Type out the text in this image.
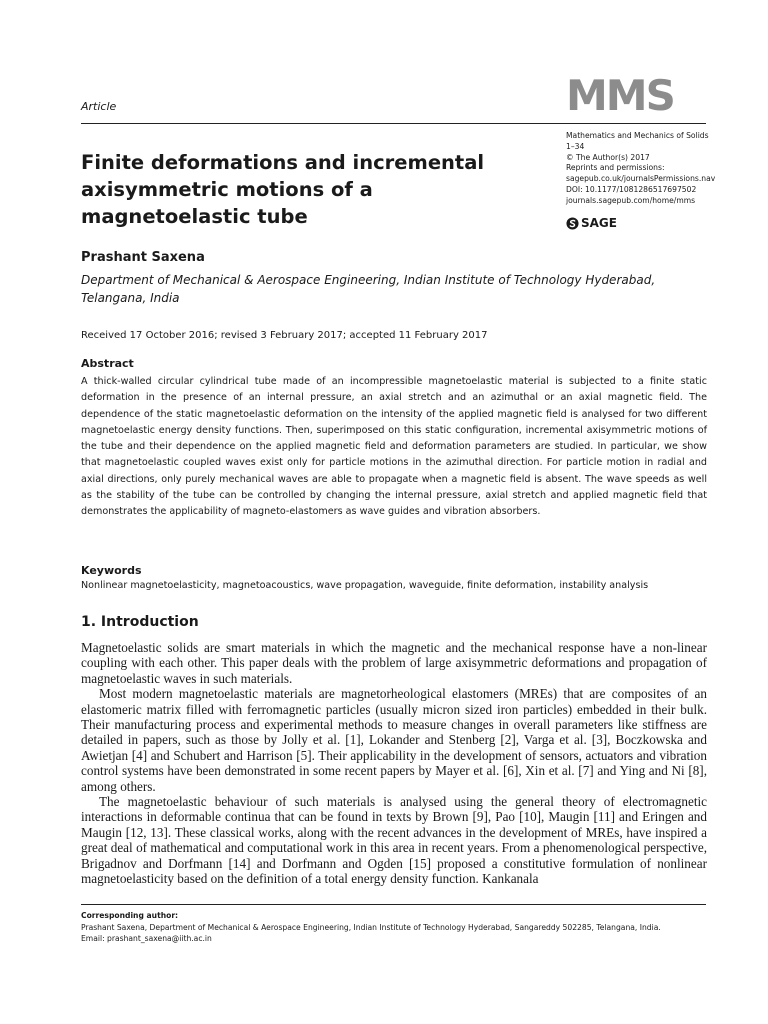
MMS
Article
Mathematics and Mechanics of Solids
1–34
© The Author(s) 2017
Reprints and permissions:
sagepub.co.uk/journalsPermissions.nav
DOI: 10.1177/1081286517697502
journals.sagepub.com/home/mms
SAGE
Finite deformations and incremental axisymmetric motions of a magnetoelastic tube
Prashant Saxena
Department of Mechanical & Aerospace Engineering, Indian Institute of Technology Hyderabad, Telangana, India
Received 17 October 2016; revised 3 February 2017; accepted 11 February 2017
Abstract

A thick-walled circular cylindrical tube made of an incompressible magnetoelastic material is subjected to a finite static deformation in the presence of an internal pressure, an axial stretch and an azimuthal or an axial magnetic field. The dependence of the static magnetoelastic deformation on the intensity of the applied magnetic field is analysed for two different magnetoelastic energy density functions. Then, superimposed on this static configuration, incremental axisymmetric motions of the tube and their dependence on the applied magnetic field and deformation parameters are studied. In particular, we show that magnetoelastic coupled waves exist only for particle motions in the azimuthal direction. For particle motion in radial and axial directions, only purely mechanical waves are able to propagate when a magnetic field is absent. The wave speeds as well as the stability of the tube can be controlled by changing the internal pressure, axial stretch and applied magnetic field that demonstrates the applicability of magneto-elastomers as wave guides and vibration absorbers.

Keywords
Nonlinear magnetoelasticity, magnetoacoustics, wave propagation, waveguide, finite deformation, instability analysis
1. Introduction

Magnetoelastic solids are smart materials in which the magnetic and the mechanical response have a non-linear coupling with each other. This paper deals with the problem of large axisymmetric deformations and propagation of magnetoelastic waves in such materials.

Most modern magnetoelastic materials are magnetorheological elastomers (MREs) that are composites of an elastomeric matrix filled with ferromagnetic particles (usually micron sized iron particles) embedded in their bulk. Their manufacturing process and experimental methods to measure changes in overall parameters like stiffness are detailed in papers, such as those by Jolly et al. [1], Lokander and Stenberg [2], Varga et al. [3], Boczkowska and Awietjan [4] and Schubert and Harrison [5]. Their applicability in the development of sensors, actuators and vibration control systems have been demonstrated in some recent papers by Mayer et al. [6], Xin et al. [7] and Ying and Ni [8], among others.

The magnetoelastic behaviour of such materials is analysed using the general theory of electromagnetic interactions in deformable continua that can be found in texts by Brown [9], Pao [10], Maugin [11] and Eringen and Maugin [12, 13]. These classical works, along with the recent advances in the development of MREs, have inspired a great deal of mathematical and computational work in this area in recent years. From a phenomenological perspective, Brigadnov and Dorfmann [14] and Dorfmann and Ogden [15] proposed a constitutive formulation of nonlinear magnetoelasticity based on the definition of a total energy density function. Kankanala

Corresponding author:
Prashant Saxena, Department of Mechanical & Aerospace Engineering, Indian Institute of Technology Hyderabad, Sangareddy 502285, Telangana, India.
Email: prashant_saxena@iith.ac.in
